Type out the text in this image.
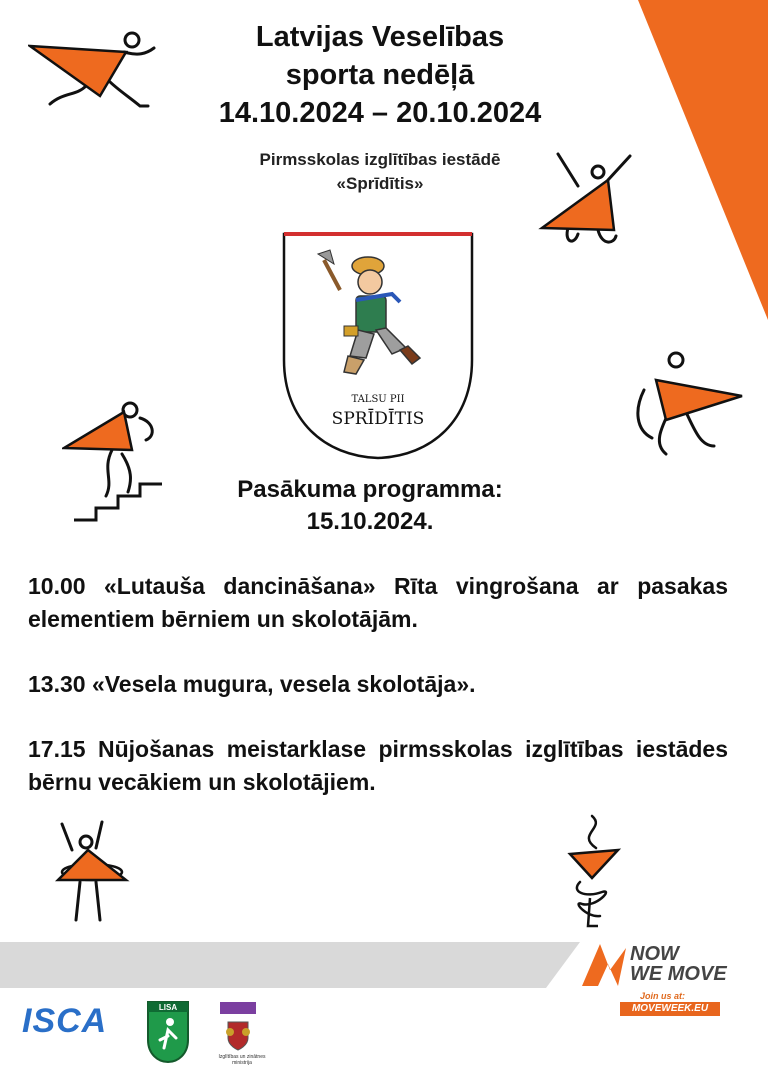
Latvijas Veselības
sporta nedēļā
14.10.2024 – 20.10.2024
Pirmsskolas izglītības iestādē
«Sprīdītis»
TALSU PII
SPRĪDĪTIS
Pasākuma programma:
15.10.2024.

10.00 «Lutauša dancināšana» Rīta vingrošana ar pasakas elementiem bērniem un skolotājām.

13.30 «Vesela mugura, vesela skolotāja».

17.15 Nūjošanas meistarklase pirmsskolas izglītības iestādes bērnu vecākiem un skolotājiem.

ISCA	LISA
Izglītības un zinātnes ministrija
NOW
WE MOVE
Join us at:
MOVEWEEK.EU
